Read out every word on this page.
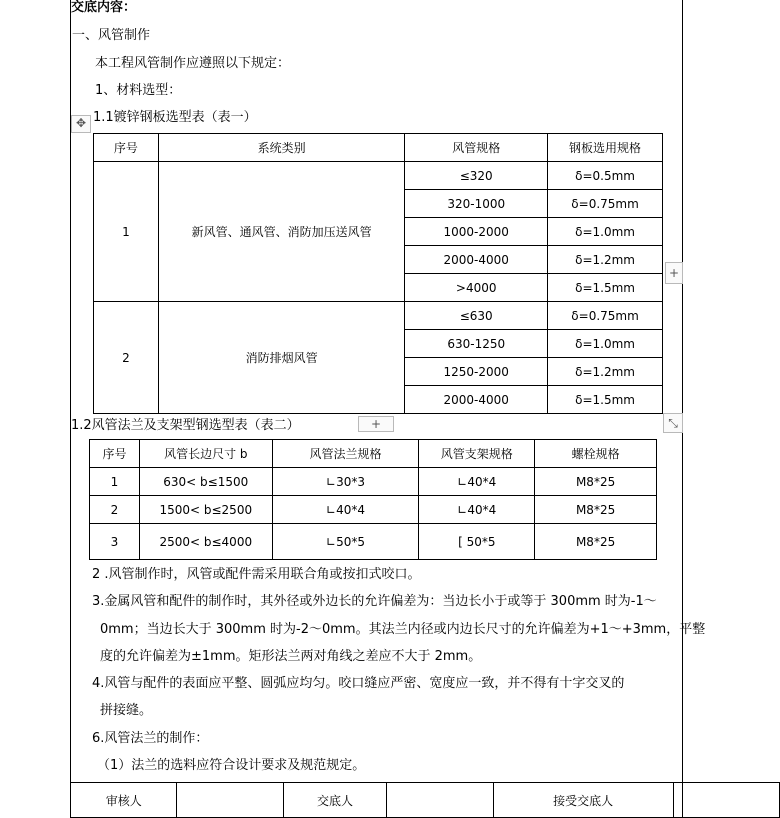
交底内容：
一、风管制作
本工程风管制作应遵照以下规定：
1、材料选型：
1.1镀锌钢板选型表（表一）
✥
序号	系统类别	风管规格	钢板选用规格
1	新风管、通风管、消防加压送风管	≤320	δ=0.5mm
		320-1000	δ=0.75mm
		1000-2000	δ=1.0mm
		2000-4000	δ=1.2mm
		>4000	δ=1.5mm
2	消防排烟风管	≤630	δ=0.75mm
		630-1250	δ=1.0mm
		1250-2000	δ=1.2mm
		2000-4000	δ=1.5mm
+
1.2风管法兰及支架型钢选型表（表二）	+	⤡
序号	风管长边尺寸 b	风管法兰规格	风管支架规格	螺栓规格
1	630< b≤1500	∟30*3	∟40*4	M8*25
2	1500< b≤2500	∟40*4	∟40*4	M8*25
3	2500< b≤4000	∟50*5	[ 50*5	M8*25
2 .风管制作时，风管或配件需采用联合角或按扣式咬口。
3.金属风管和配件的制作时，其外径或外边长的允许偏差为：当边长小于或等于 300mm 时为-1～
0mm；当边长大于 300mm 时为-2～0mm。其法兰内径或内边长尺寸的允许偏差为+1～+3mm，平整
度的允许偏差为±1mm。矩形法兰两对角线之差应不大于 2mm。
4.风管与配件的表面应平整、圆弧应均匀。咬口缝应严密、宽度应一致，并不得有十字交叉的
拼接缝。
6.风管法兰的制作：
（1）法兰的选料应符合设计要求及规范规定。
审核人		交底人		接受交底人	
